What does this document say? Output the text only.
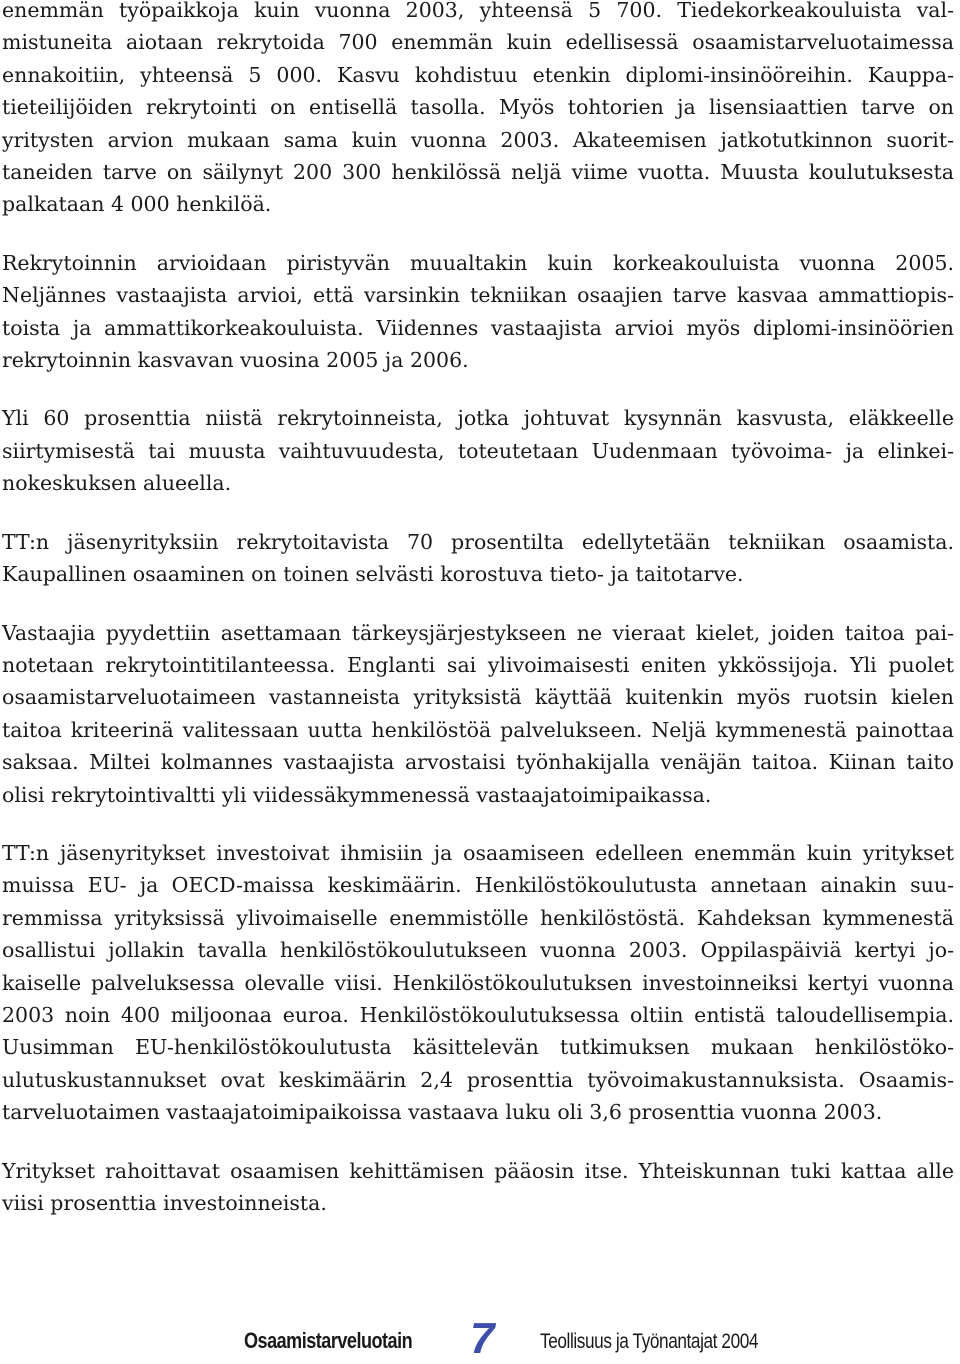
enemmän työpaikkoja kuin vuonna 2003, yhteensä 5 700. Tiedekorkeakouluista valmistuneita aiotaan rekrytoida 700 enemmän kuin edellisessä osaamistarveluotaimessa ennakoitiin, yhteensä 5 000. Kasvu kohdistuu etenkin diplomi-insinööreihin. Kauppatieteilijöiden rekrytointi on entisellä tasolla. Myös tohtorien ja lisensiaattien tarve on yritysten arvion mukaan sama kuin vuonna 2003. Akateemisen jatkotutkinnon suorittaneiden tarve on säilynyt 200 300 henkilössä neljä viime vuotta. Muusta koulutuksesta palkataan 4 000 henkilöä.

Rekrytoinnin arvioidaan piristyvän muualtakin kuin korkeakouluista vuonna 2005. Neljännes vastaajista arvioi, että varsinkin tekniikan osaajien tarve kasvaa ammattiopistoista ja ammattikorkeakouluista. Viidennes vastaajista arvioi myös diplomi-insinöörien rekrytoinnin kasvavan vuosina 2005 ja 2006.

Yli 60 prosenttia niistä rekrytoinneista, jotka johtuvat kysynnän kasvusta, eläkkeelle siirtymisestä tai muusta vaihtuvuudesta, toteutetaan Uudenmaan työvoima- ja elinkeinokeskuksen alueella.

TT:n jäsenyrityksiin rekrytoitavista 70 prosentilta edellytetään tekniikan osaamista. Kaupallinen osaaminen on toinen selvästi korostuva tieto- ja taitotarve.

Vastaajia pyydettiin asettamaan tärkeysjärjestykseen ne vieraat kielet, joiden taitoa painotetaan rekrytointitilanteessa. Englanti sai ylivoimaisesti eniten ykkössijoja. Yli puolet osaamistarveluotaimeen vastanneista yrityksistä käyttää kuitenkin myös ruotsin kielen taitoa kriteerinä valitessaan uutta henkilöstöä palvelukseen. Neljä kymmenestä painottaa saksaa. Miltei kolmannes vastaajista arvostaisi työnhakijalla venäjän taitoa. Kiinan taito olisi rekrytointivaltti yli viidessäkymmenessä vastaajatoimipaikassa.

TT:n jäsenyritykset investoivat ihmisiin ja osaamiseen edelleen enemmän kuin yritykset muissa EU- ja OECD-maissa keskimäärin. Henkilöstökoulutusta annetaan ainakin suuremmissa yrityksissä ylivoimaiselle enemmistölle henkilöstöstä. Kahdeksan kymmenestä osallistui jollakin tavalla henkilöstökoulutukseen vuonna 2003. Oppilaspäiviä kertyi jokaiselle palveluksessa olevalle viisi. Henkilöstökoulutuksen investoinneiksi kertyi vuonna 2003 noin 400 miljoonaa euroa. Henkilöstökoulutuksessa oltiin entistä taloudellisempia. Uusimman EU-henkilöstökoulutusta käsittelevän tutkimuksen mukaan henkilöstökoulutuskustannukset ovat keskimäärin 2,4 prosenttia työvoimakustannuksista. Osaamistarveluotaimen vastaajatoimipaikoissa vastaava luku oli 3,6 prosenttia vuonna 2003.

Yritykset rahoittavat osaamisen kehittämisen pääosin itse. Yhteiskunnan tuki kattaa alle viisi prosenttia investoinneista.

Osaamistarveluotain 7 Teollisuus ja Työnantajat 2004
